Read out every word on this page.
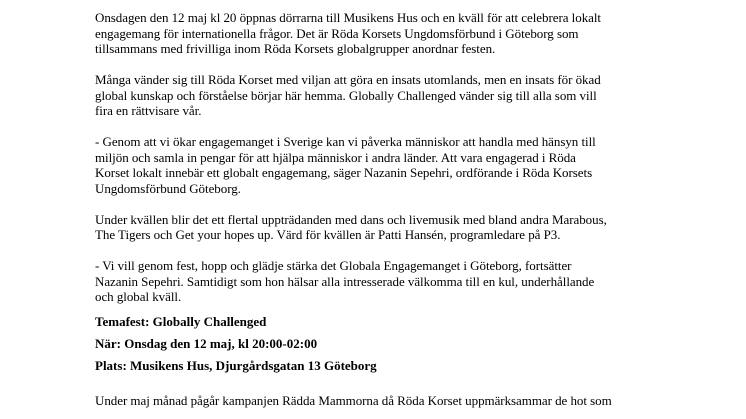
Onsdagen den 12 maj kl 20 öppnas dörrarna till Musikens Hus och en kväll för att celebrera lokalt
engagemang för internationella frågor. Det är Röda Korsets Ungdomsförbund i Göteborg som
tillsammans med frivilliga inom Röda Korsets globalgrupper anordnar festen.

Många vänder sig till Röda Korset med viljan att göra en insats utomlands, men en insats för ökad
global kunskap och förståelse börjar här hemma. Globally Challenged vänder sig till alla som vill
fira en rättvisare vår.

- Genom att vi ökar engagemanget i Sverige kan vi påverka människor att handla med hänsyn till
miljön och samla in pengar för att hjälpa människor i andra länder. Att vara engagerad i Röda
Korset lokalt innebär ett globalt engagemang, säger Nazanin Sepehri, ordförande i Röda Korsets
Ungdomsförbund Göteborg.

Under kvällen blir det ett flertal uppträdanden med dans och livemusik med bland andra Marabous,
The Tigers och Get your hopes up. Värd för kvällen är Patti Hansén, programledare på P3.

- Vi vill genom fest, hopp och glädje stärka det Globala Engagemanget i Göteborg, fortsätter
Nazanin Sepehri. Samtidigt som hon hälsar alla intresserade välkomma till en kul, underhållande
och global kväll.

Temafest: Globally Challenged

När: Onsdag den 12 maj, kl 20:00-02:00

Plats: Musikens Hus, Djurgårdsgatan 13 Göteborg

Under maj månad pågår kampanjen Rädda Mammorna då Röda Korset uppmärksammar de hot som
